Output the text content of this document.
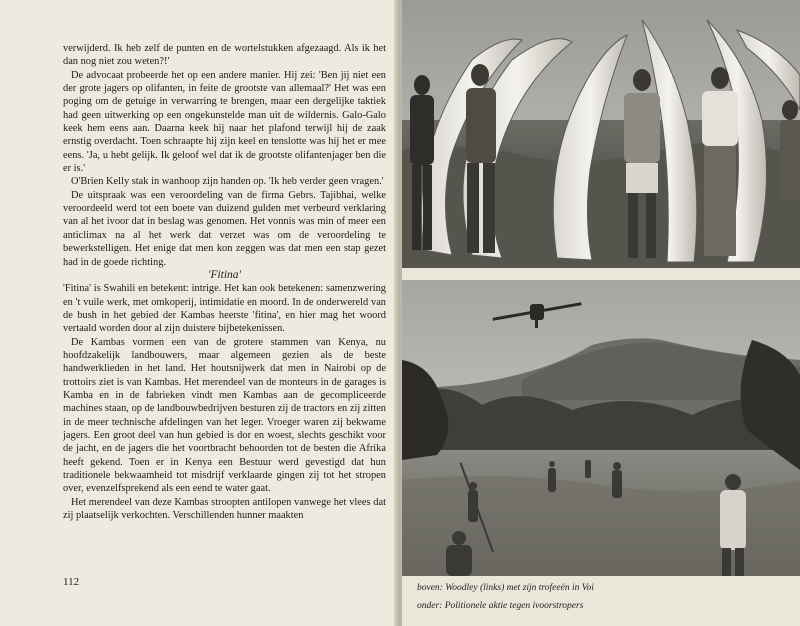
verwijderd. Ik heb zelf de punten en de wortelstukken afgezaagd. Als ik het dan nog niet zou weten?!'

De advocaat probeerde het op een andere manier. Hij zei: 'Ben jij niet een der grote jagers op olifanten, in feite de grootste van allemaal?' Het was een poging om de getuige in verwarring te brengen, maar een dergelijke taktiek had geen uitwerking op een ongekunstelde man uit de wildernis. Galo-Galo keek hem eens aan. Daarna keek hij naar het plafond terwijl hij de zaak ernstig overdacht. Toen schraapte hij zijn keel en tenslotte was hij het er mee eens. 'Ja, u hebt gelijk. Ik geloof wel dat ik de grootste olifantenjager ben die er is.'

O'Brien Kelly stak in wanhoop zijn handen op. 'Ik heb verder geen vragen.'

De uitspraak was een veroordeling van de firma Gebrs. Tajibhai, welke veroordeeld werd tot een boete van duizend gulden met verbeurd verklaring van al het ivoor dat in beslag was genomen. Het vonnis was min of meer een anticlimax na al het werk dat verzet was om de veroordeling te bewerkstelligen. Het enige dat men kon zeggen was dat men een stap gezet had in de goede richting.

'Fitina'

'Fitina' is Swahili en betekent: intrige. Het kan ook betekenen: samenzwering en 't vuile werk, met omkoperij, intimidatie en moord. In de onderwereld van de bush in het gebied der Kambas heerste 'fitina', en hier mag het woord vertaald worden door al zijn duistere bijbetekenissen.

De Kambas vormen een van de grotere stammen van Kenya, nu hoofdzakelijk landbouwers, maar algemeen gezien als de beste handwerklieden in het land. Het houtsnijwerk dat men in Nairobi op de trottoirs ziet is van Kambas. Het merendeel van de monteurs in de garages is Kamba en in de fabrieken vindt men Kambas aan de gecompliceerde machines staan, op de landbouwbedrijven besturen zij de tractors en zij zitten in de meer technische afdelingen van het leger. Vroeger waren zij bekwame jagers. Een groot deel van hun gebied is dor en woest, slechts geschikt voor de jacht, en de jagers die het voortbracht behoorden tot de besten die Afrika heeft gekend. Toen er in Kenya een Bestuur werd gevestigd dat hun traditionele bekwaamheid tot misdrijf verklaarde gingen zij tot het stropen over, evenzelfsprekend als een eend te water gaat.

Het merendeel van deze Kambas stroopten antilopen vanwege het vlees dat zij plaatselijk verkochten. Verschillenden hunner maakten

112	boven: Woodley (links) met zijn trofeeën in Voi
onder: Politionele aktie tegen ivoorstropers
